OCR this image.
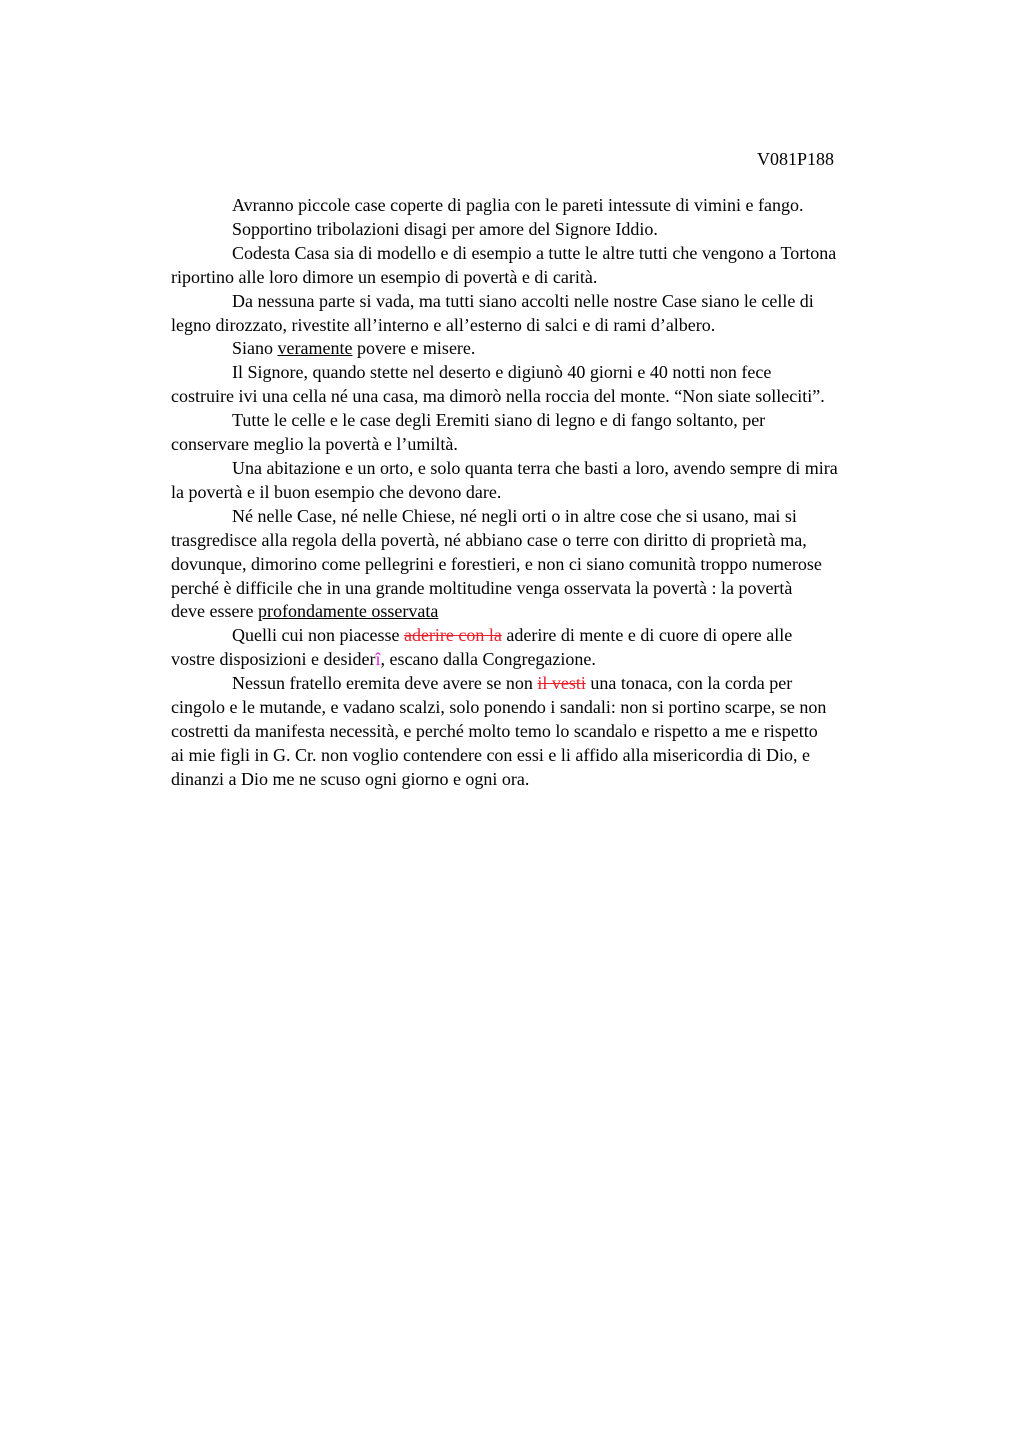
V081P188
Avranno piccole case coperte di paglia con le pareti intessute di vimini e fango.
Sopportino tribolazioni disagi per amore del Signore Iddio.
Codesta Casa sia di modello e di esempio a tutte le altre tutti che vengono a Tortona
riportino alle loro dimore un esempio di povertà e di carità.
Da nessuna parte si vada, ma tutti siano accolti nelle nostre Case siano le celle di
legno dirozzato, rivestite all’interno e all’esterno di salci e di rami d’albero.
Siano veramente povere e misere.
Il Signore, quando stette nel deserto e digiunò 40 giorni e 40 notti non fece
costruire ivi una cella né una casa, ma dimorò nella roccia del monte. “Non siate solleciti”.
Tutte le celle e le case degli Eremiti siano di legno e di fango soltanto, per
conservare meglio la povertà e l’umiltà.
Una abitazione e un orto, e solo quanta terra che basti a loro, avendo sempre di mira
la povertà e il buon esempio che devono dare.
Né nelle Case, né nelle Chiese, né negli orti o in altre cose che si usano, mai si
trasgredisce alla regola della povertà, né abbiano case o terre con diritto di proprietà ma,
dovunque, dimorino come pellegrini e forestieri, e non ci siano comunità troppo numerose
perché è difficile che in una grande moltitudine venga osservata la povertà : la povertà
deve essere profondamente osservata
Quelli cui non piacesse aderire con la aderire di mente e di cuore di opere alle
vostre disposizioni e desiderî, escano dalla Congregazione.
Nessun fratello eremita deve avere se non il vesti una tonaca, con la corda per
cingolo e le mutande, e vadano scalzi, solo ponendo i sandali: non si portino scarpe, se non
costretti da manifesta necessità, e perché molto temo lo scandalo e rispetto a me e rispetto
ai mie figli in G. Cr. non voglio contendere con essi e li affido alla misericordia di Dio, e
dinanzi a Dio me ne scuso ogni giorno e ogni ora.
